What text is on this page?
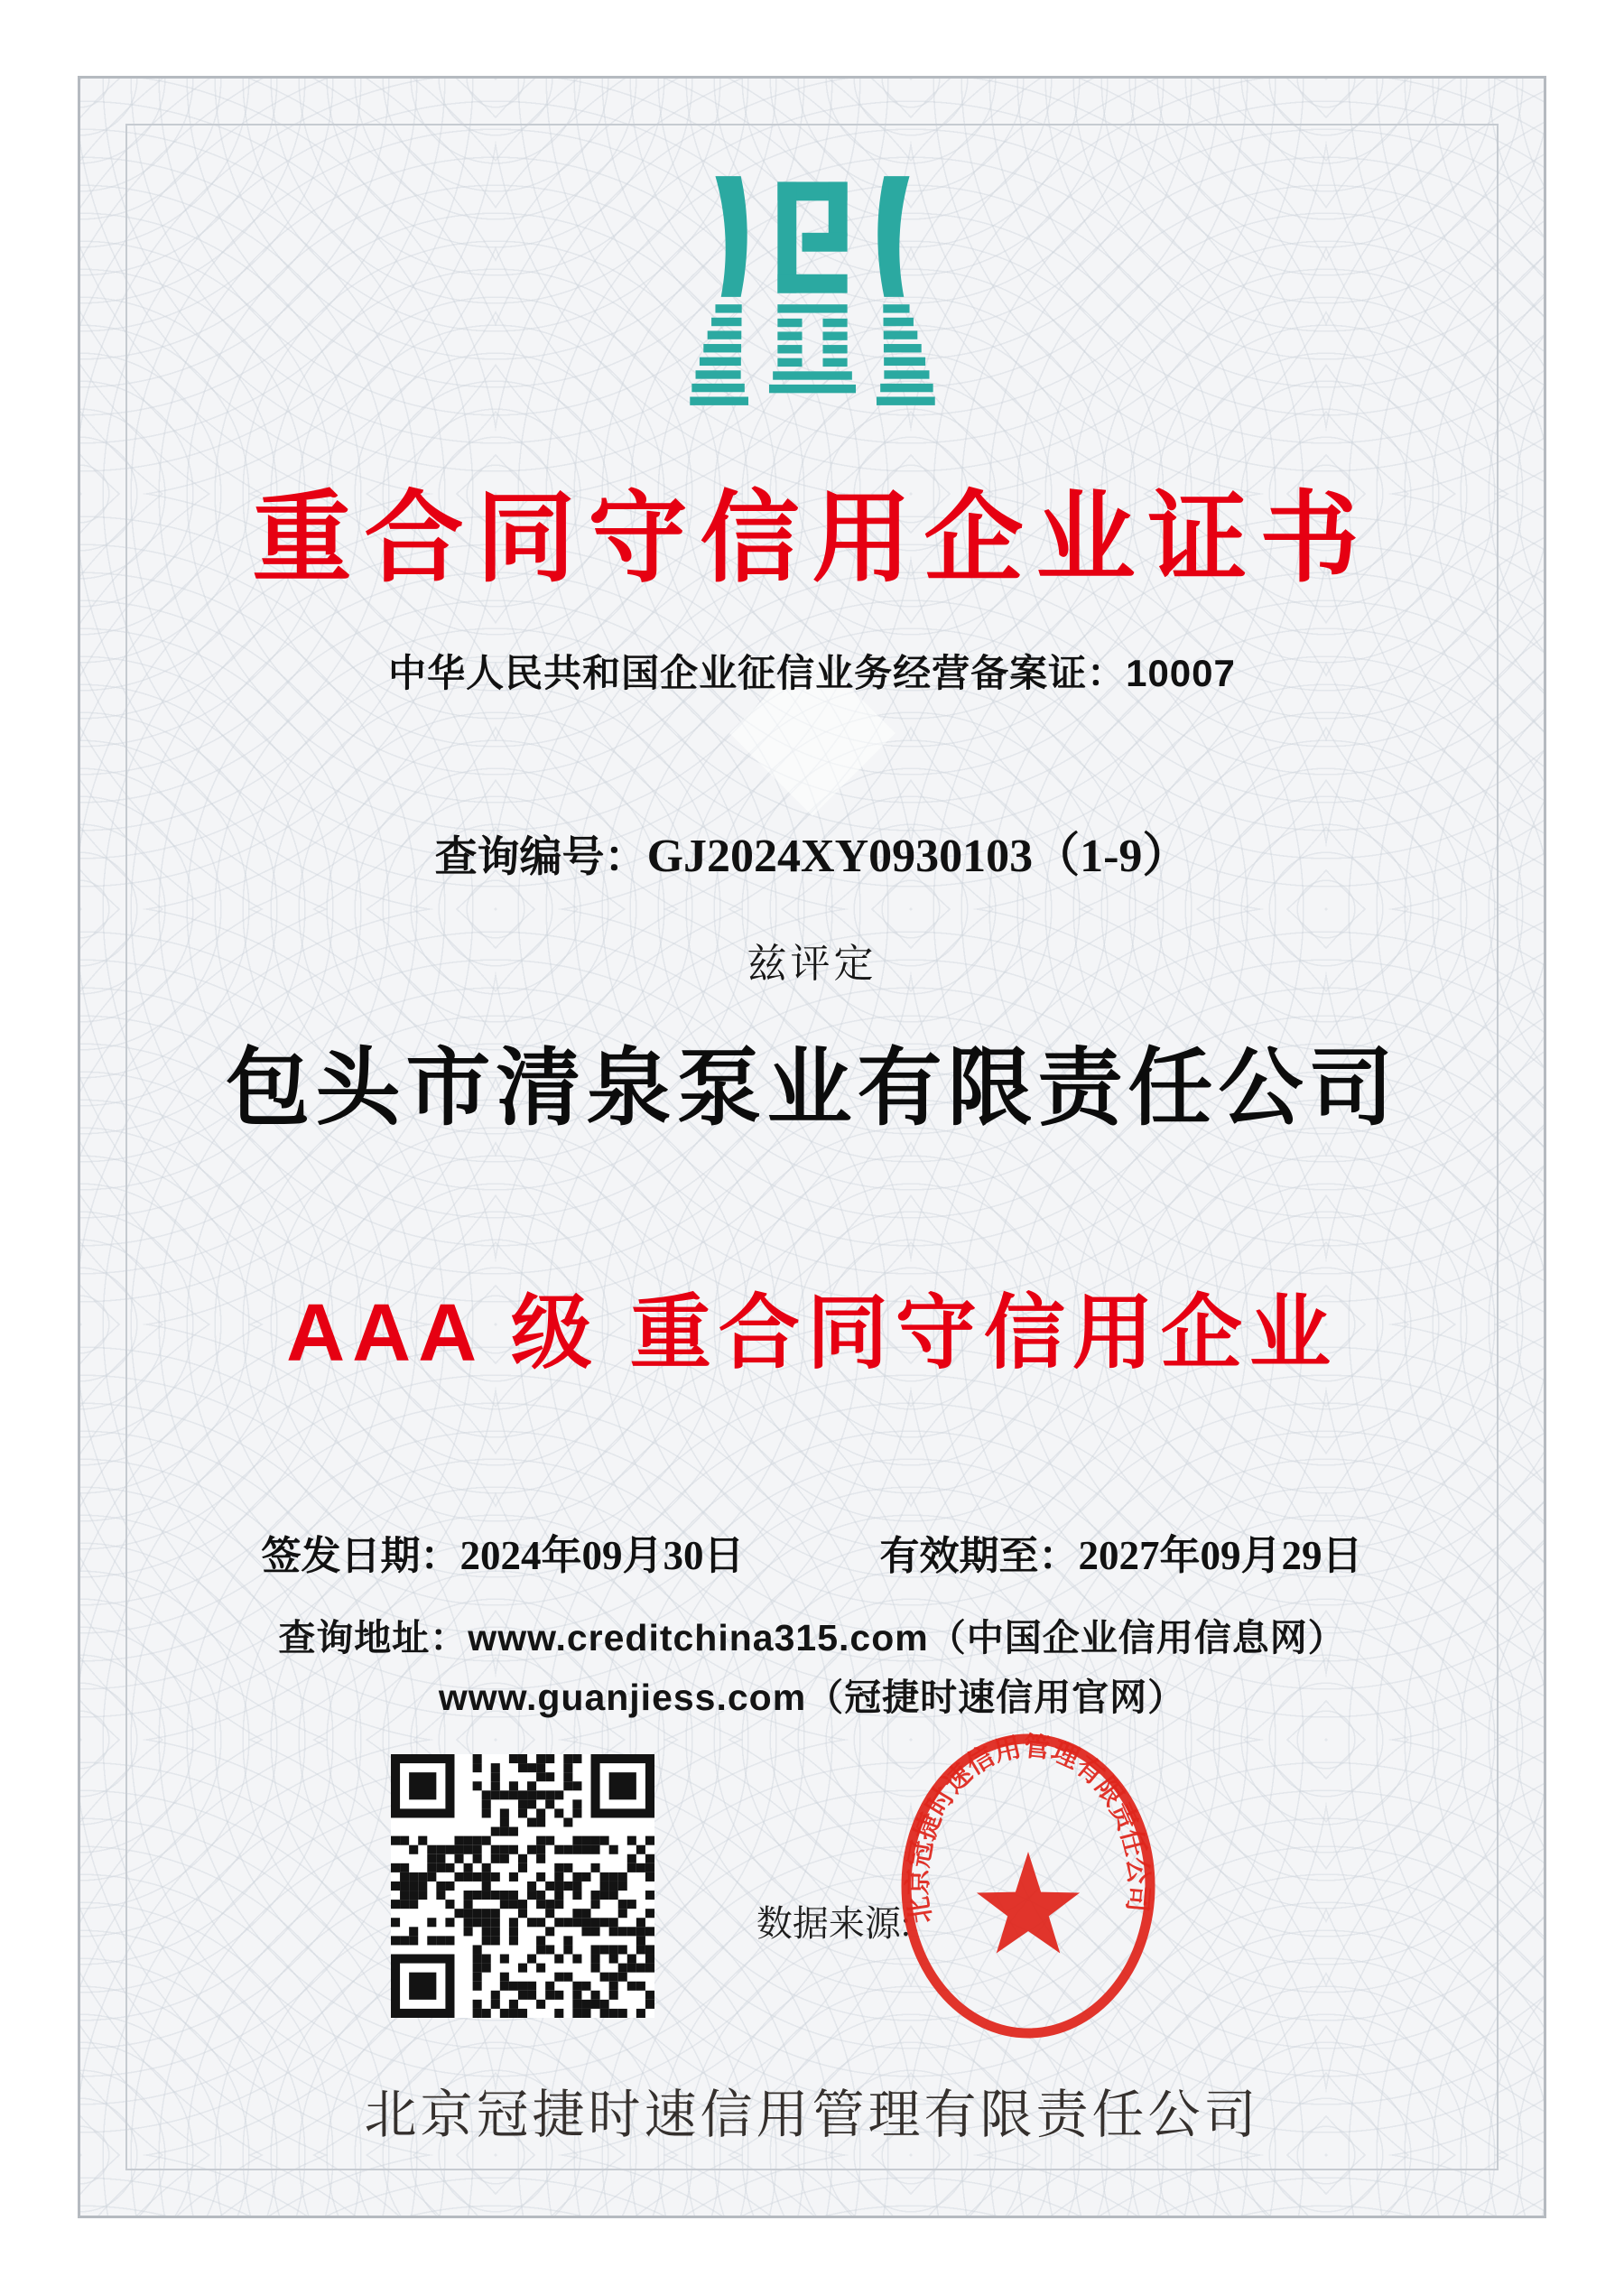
重合同守信用企业证书
中华人民共和国企业征信业务经营备案证：10007
查询编号：GJ2024XY0930103（1-9）
兹评定
包头市清泉泵业有限责任公司
AAA 级 重合同守信用企业
签发日期：2024年09月30日	有效期至：2027年09月29日
查询地址：www.creditchina315.com（中国企业信用信息网）
www.guanjiess.com（冠捷时速信用官网）
数据来源:
北京冠捷时速信用管理有限责任公司
北京冠捷时速信用管理有限责任公司
